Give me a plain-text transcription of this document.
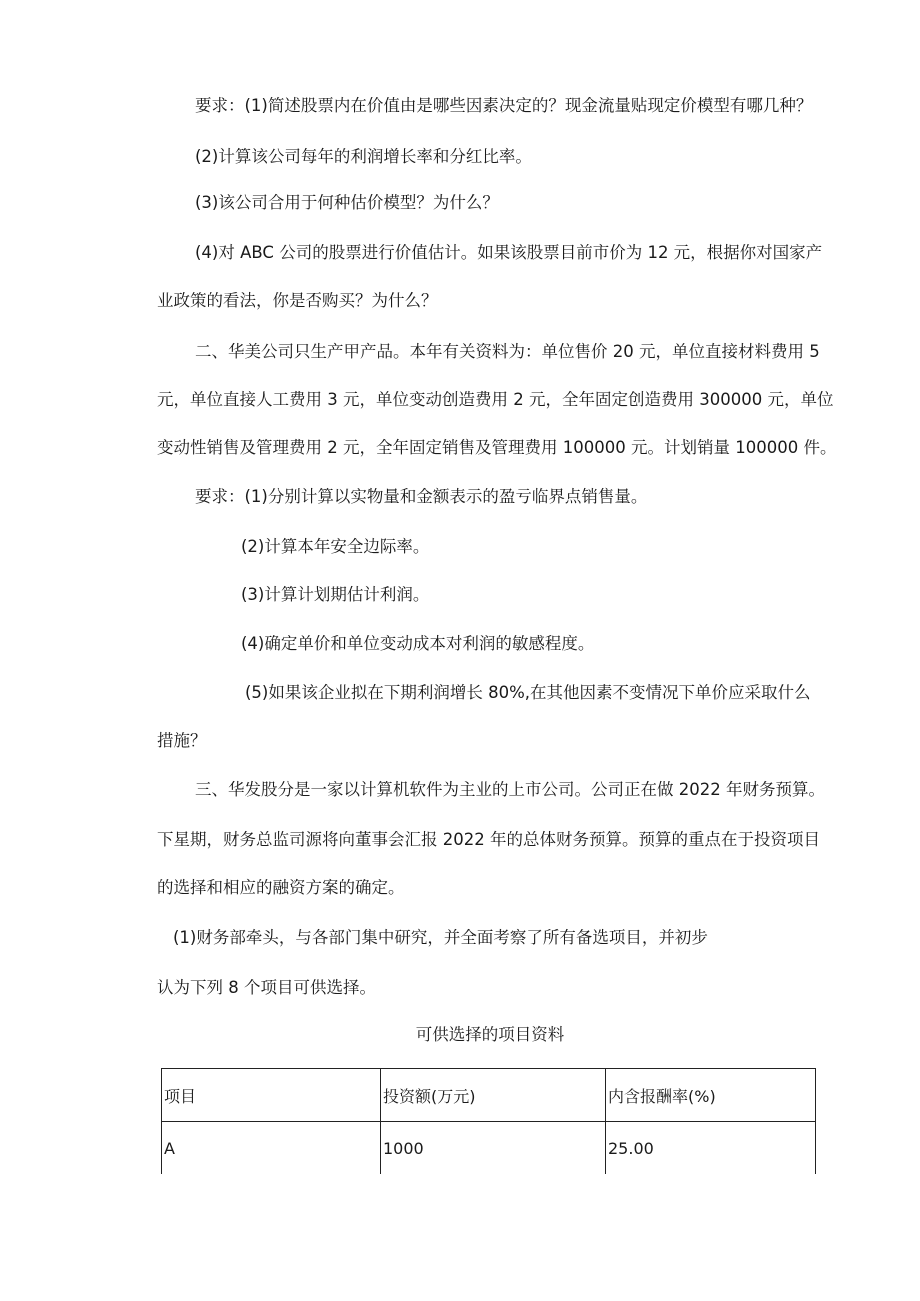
要求：(1)简述股票内在价值由是哪些因素决定的？现金流量贴现定价模型有哪几种？
(2)计算该公司每年的利润增长率和分红比率。
(3)该公司合用于何种估价模型？为什么？
(4)对 ABC 公司的股票进行价值估计。如果该股票目前市价为 12 元，根据你对国家产
业政策的看法，你是否购买？为什么？
二、华美公司只生产甲产品。本年有关资料为：单位售价 20 元，单位直接材料费用 5
元，单位直接人工费用 3 元，单位变动创造费用 2 元，全年固定创造费用 300000 元，单位
变动性销售及管理费用 2 元，全年固定销售及管理费用 100000 元。计划销量 100000 件。
要求：(1)分别计算以实物量和金额表示的盈亏临界点销售量。
(2)计算本年安全边际率。
(3)计算计划期估计利润。
(4)确定单价和单位变动成本对利润的敏感程度。
(5)如果该企业拟在下期利润增长 80%,在其他因素不变情况下单价应采取什么
措施？
三、华发股分是一家以计算机软件为主业的上市公司。公司正在做 2022 年财务预算。
下星期，财务总监司源将向董事会汇报 2022 年的总体财务预算。预算的重点在于投资项目
的选择和相应的融资方案的确定。
(1)财务部牵头，与各部门集中研究，并全面考察了所有备选项目，并初步
认为下列 8 个项目可供选择。
可供选择的项目资料
项目	投资额(万元)	内含报酬率(%)
A	1000	25.00
